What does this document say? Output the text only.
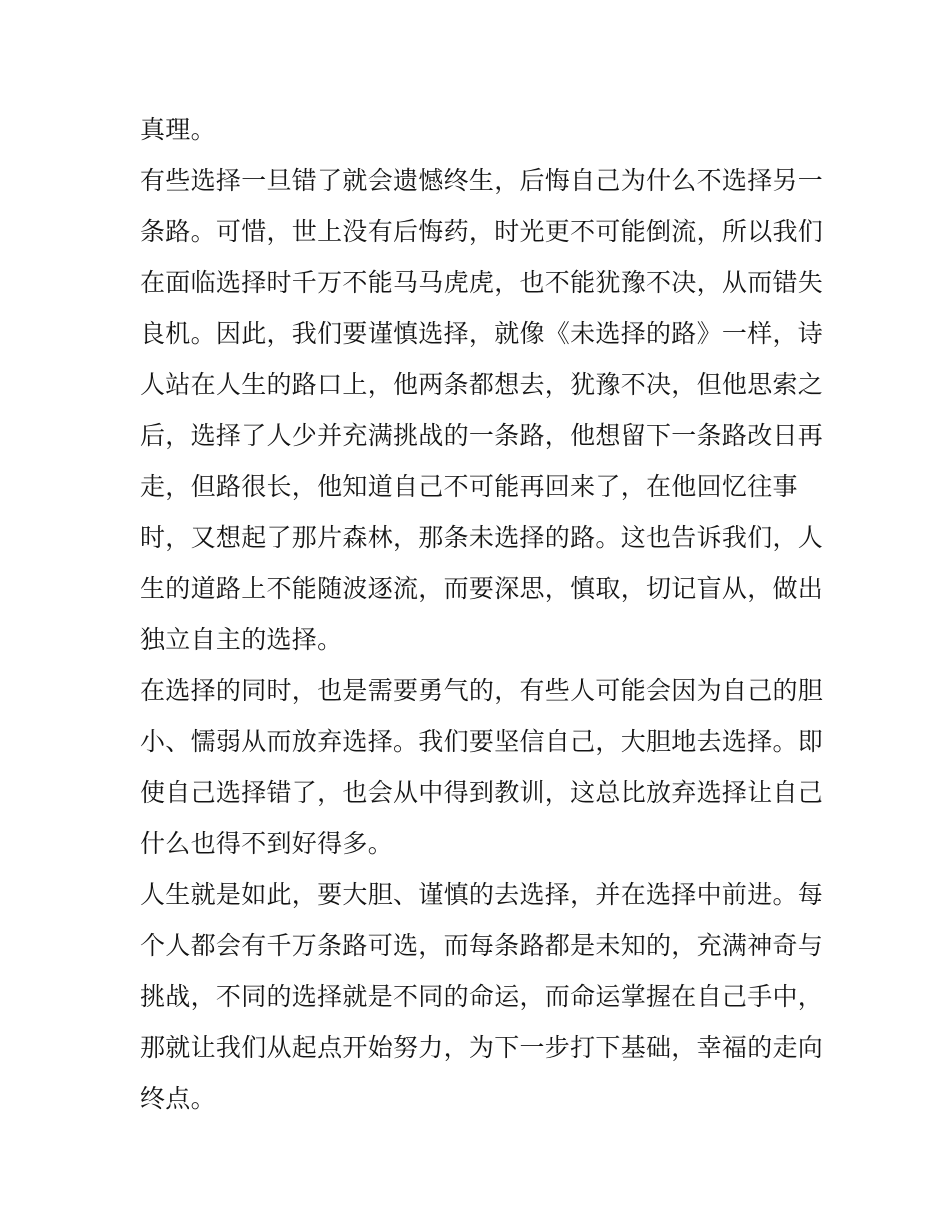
真理。
有些选择一旦错了就会遗憾终生，后悔自己为什么不选择另一
条路。可惜，世上没有后悔药，时光更不可能倒流，所以我们
在面临选择时千万不能马马虎虎，也不能犹豫不决，从而错失
良机。因此，我们要谨慎选择，就像《未选择的路》一样，诗
人站在人生的路口上，他两条都想去，犹豫不决，但他思索之
后，选择了人少并充满挑战的一条路，他想留下一条路改日再
走，但路很长，他知道自己不可能再回来了，在他回忆往事
时，又想起了那片森林，那条未选择的路。这也告诉我们，人
生的道路上不能随波逐流，而要深思，慎取，切记盲从，做出
独立自主的选择。
在选择的同时，也是需要勇气的，有些人可能会因为自己的胆
小、懦弱从而放弃选择。我们要坚信自己，大胆地去选择。即
使自己选择错了，也会从中得到教训，这总比放弃选择让自己
什么也得不到好得多。
人生就是如此，要大胆、谨慎的去选择，并在选择中前进。每
个人都会有千万条路可选，而每条路都是未知的，充满神奇与
挑战，不同的选择就是不同的命运，而命运掌握在自己手中，
那就让我们从起点开始努力，为下一步打下基础，幸福的走向
终点。
